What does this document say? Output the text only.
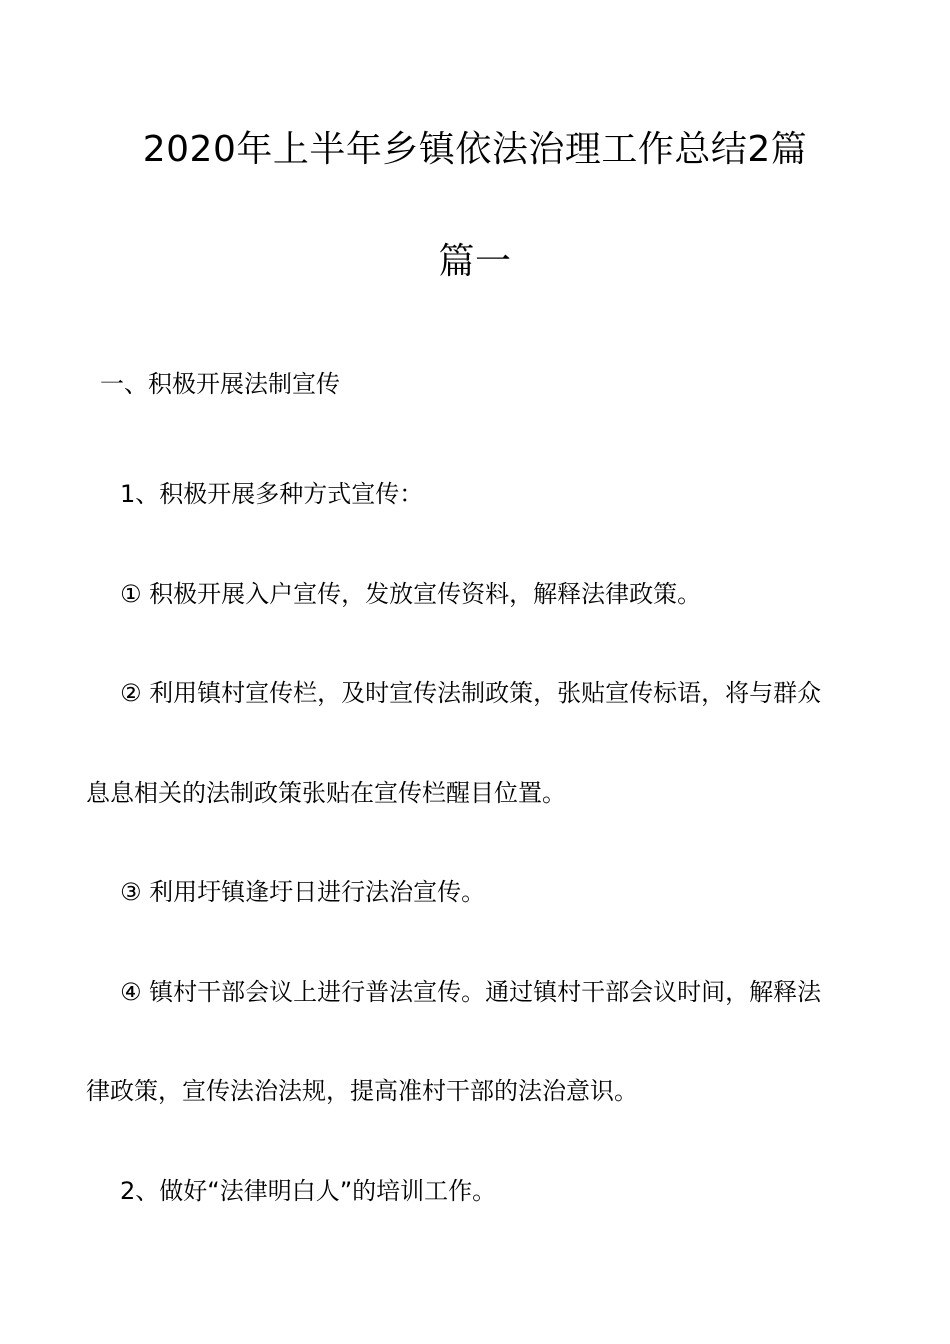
2020年上半年乡镇依法治理工作总结2篇
篇一

一、积极开展法制宣传

1、积极开展多种方式宣传：

① 积极开展入户宣传，发放宣传资料，解释法律政策。

② 利用镇村宣传栏，及时宣传法制政策，张贴宣传标语，将与群众

息息相关的法制政策张贴在宣传栏醒目位置。

③ 利用圩镇逢圩日进行法治宣传。

④ 镇村干部会议上进行普法宣传。通过镇村干部会议时间，解释法

律政策，宣传法治法规，提高准村干部的法治意识。

2、做好“法律明白人”的培训工作。
